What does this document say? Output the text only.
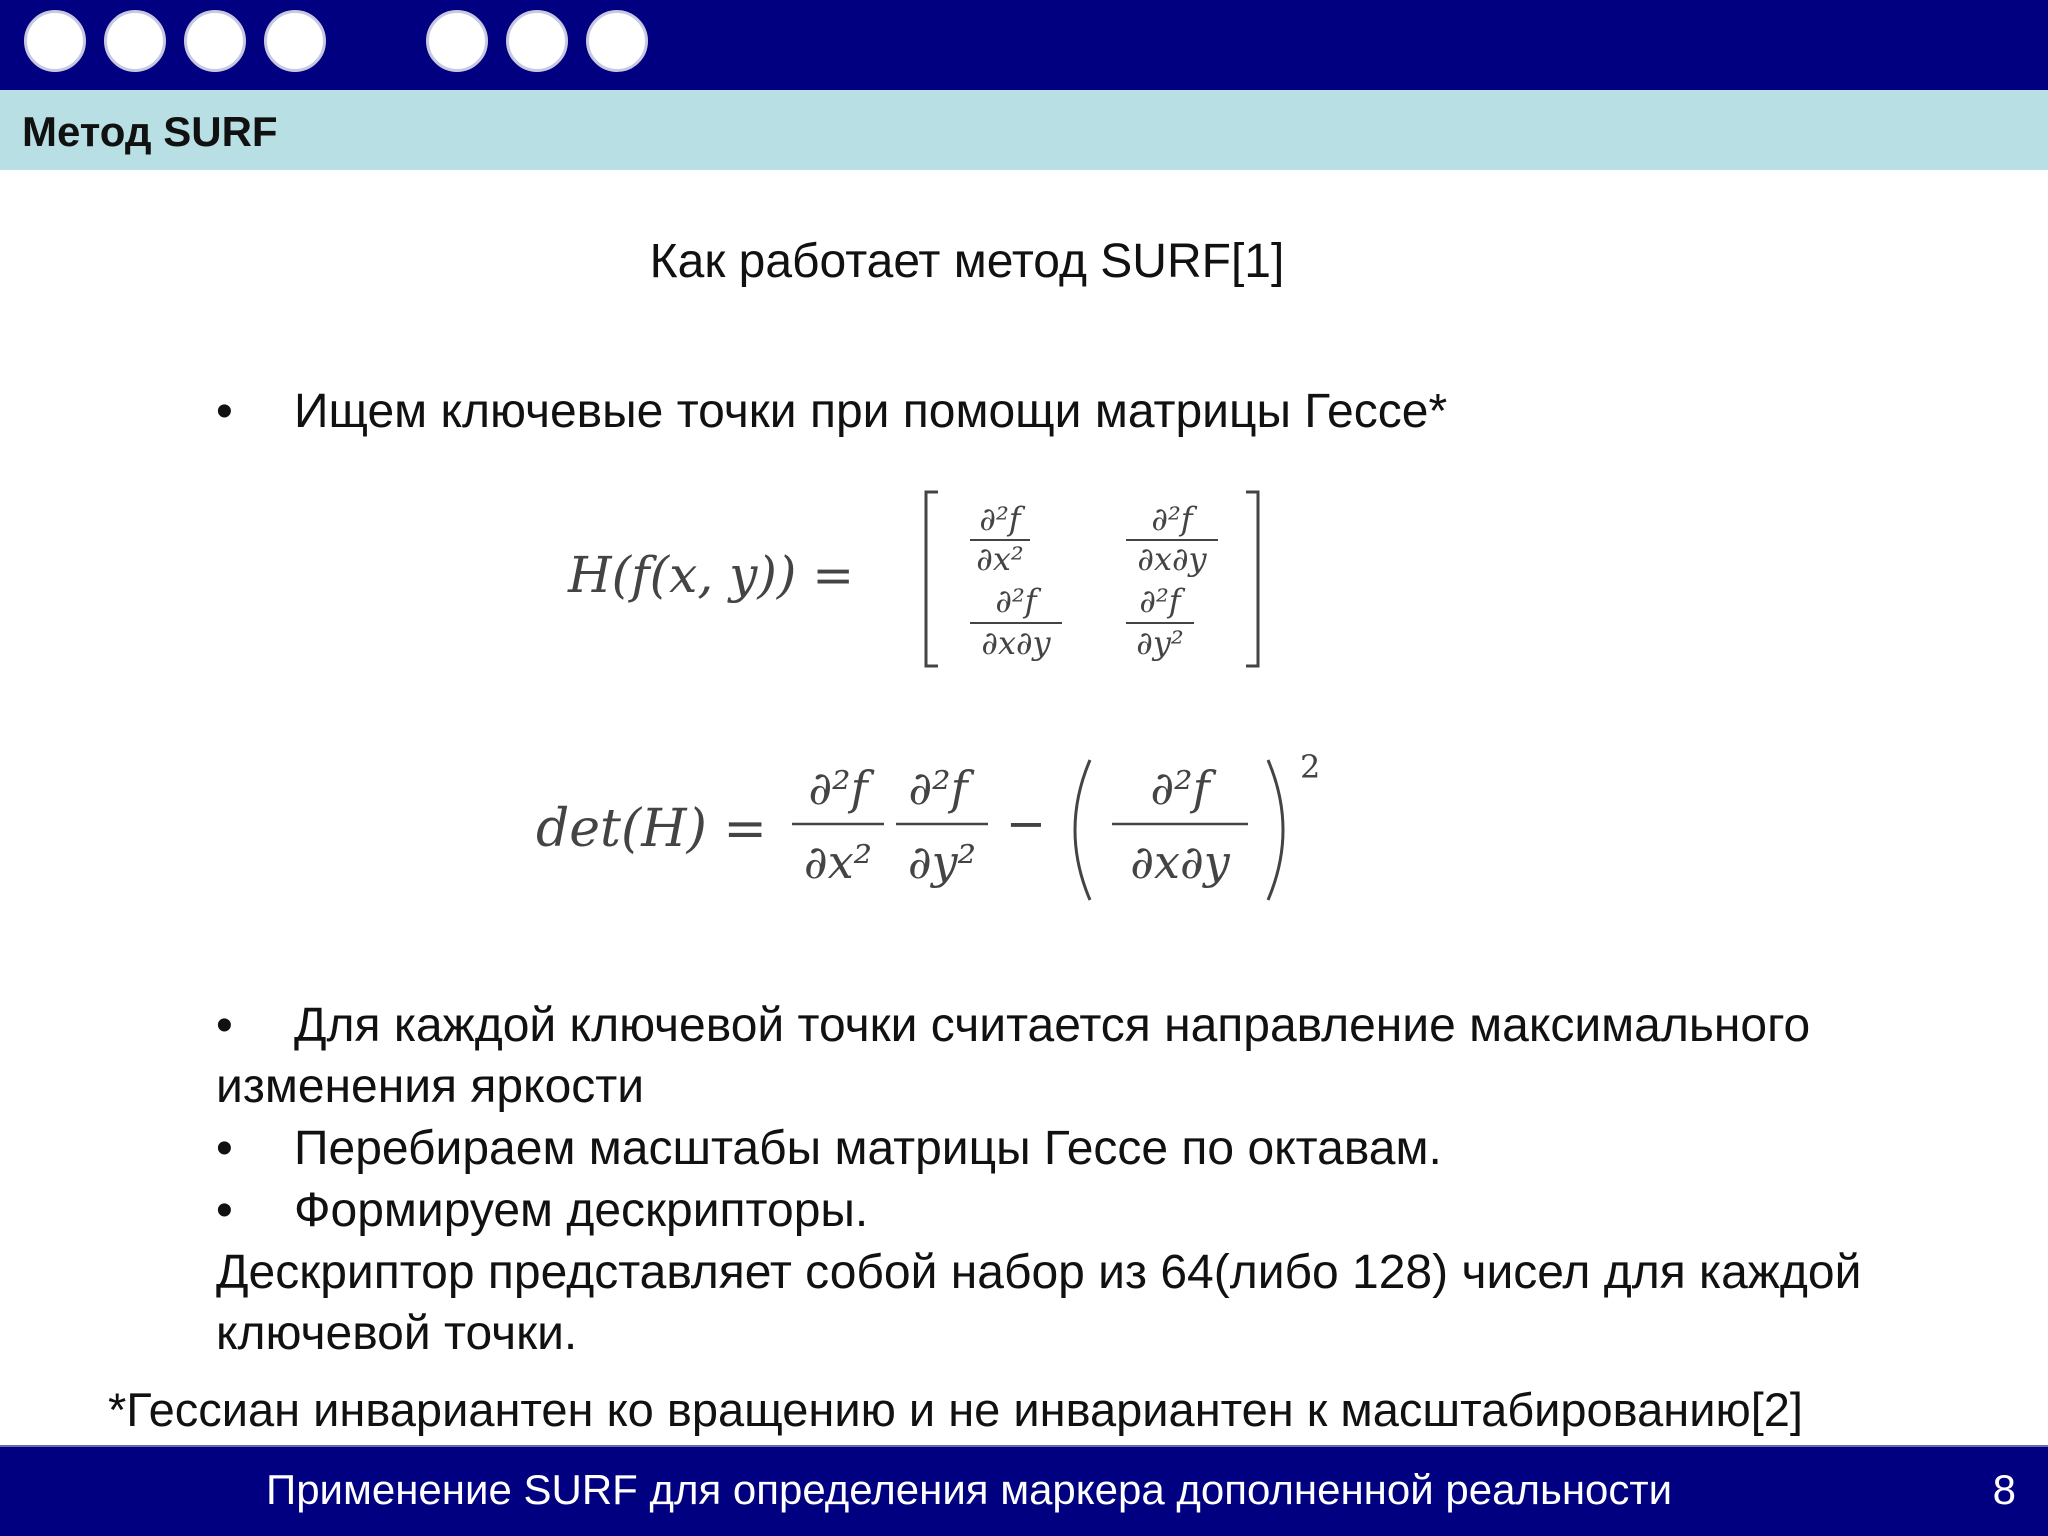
Метод SURF
Как работает метод SURF[1]
• Ищем ключевые точки при помощи матрицы Гессе*
H(f(x, y)) =
∂²f
∂x²
∂²f
∂x∂y
∂²f
∂x∂y
∂²f
∂y²
det(H) =
∂²f
∂x²
∂²f
∂y²
−
∂²f
∂x∂y
2
• Для каждой ключевой точки считается направление максимального
изменения яркости
• Перебираем масштабы матрицы Гессе по октавам.
• Формируем дескрипторы.
Дескриптор представляет собой набор из 64(либо 128) чисел для каждой
ключевой точки.
*Гессиан инвариантен ко вращению и не инвариантен к масштабированию[2]
Применение SURF для определения маркера дополненной реальности	8
